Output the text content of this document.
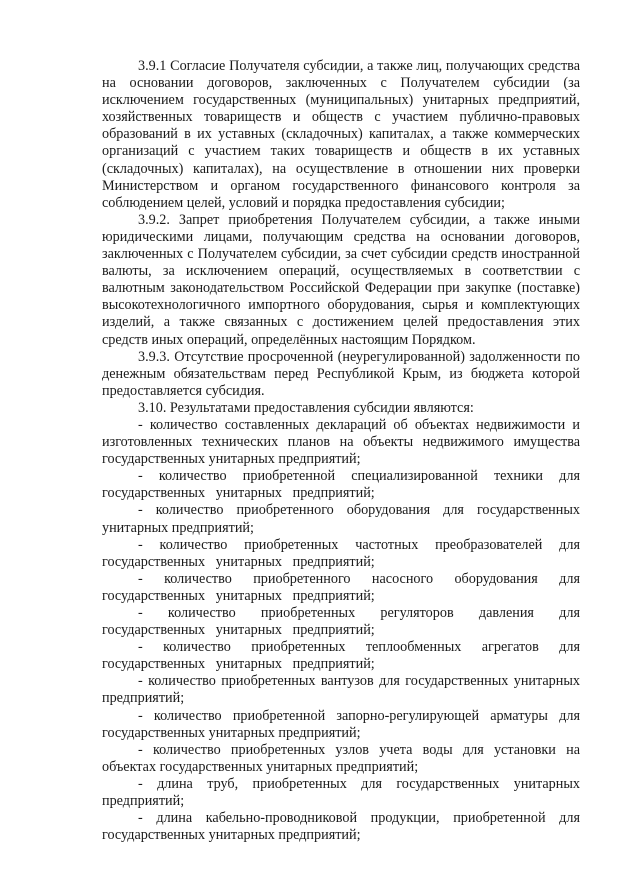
3.9.1 Согласие Получателя субсидии, а также лиц, получающих средства на основании договоров, заключенных с Получателем субсидии (за исключением государственных (муниципальных) унитарных предприятий, хозяйственных товариществ и обществ с участием публично-правовых образований в их уставных (складочных) капиталах, а также коммерческих организаций с участием таких товариществ и обществ в их уставных (складочных) капиталах), на осуществление в отношении них проверки Министерством и органом государственного финансового контроля за соблюдением целей, условий и порядка предоставления субсидии;

3.9.2. Запрет приобретения Получателем субсидии, а также иными юридическими лицами, получающим средства на основании договоров, заключенных с Получателем субсидии, за счет субсидии средств иностранной валюты, за исключением операций, осуществляемых в соответствии с валютным законодательством Российской Федерации при закупке (поставке) высокотехнологичного импортного оборудования, сырья и комплектующих изделий, а также связанных с достижением целей предоставления этих средств иных операций, определённых настоящим Порядком.

3.9.3. Отсутствие просроченной (неурегулированной) задолженности по денежным обязательствам перед Республикой Крым, из бюджета которой предоставляется субсидия.

3.10. Результатами предоставления субсидии являются:

- количество составленных деклараций об объектах недвижимости и изготовленных технических планов на объекты недвижимого имущества государственных унитарных предприятий;

- количество приобретенной специализированной техники для государственных унитарных предприятий;

- количество приобретенного оборудования для государственных унитарных предприятий;

- количество приобретенных частотных преобразователей для государственных унитарных предприятий;

- количество приобретенного насосного оборудования для государственных унитарных предприятий;

- количество приобретенных регуляторов давления для государственных унитарных предприятий;

- количество приобретенных теплообменных агрегатов для государственных унитарных предприятий;

- количество приобретенных вантузов для государственных унитарных предприятий;

- количество приобретенной запорно-регулирующей арматуры для государственных унитарных предприятий;

- количество приобретенных узлов учета воды для установки на объектах государственных унитарных предприятий;

- длина труб, приобретенных для государственных унитарных предприятий;

- длина кабельно-проводниковой продукции, приобретенной для государственных унитарных предприятий;
